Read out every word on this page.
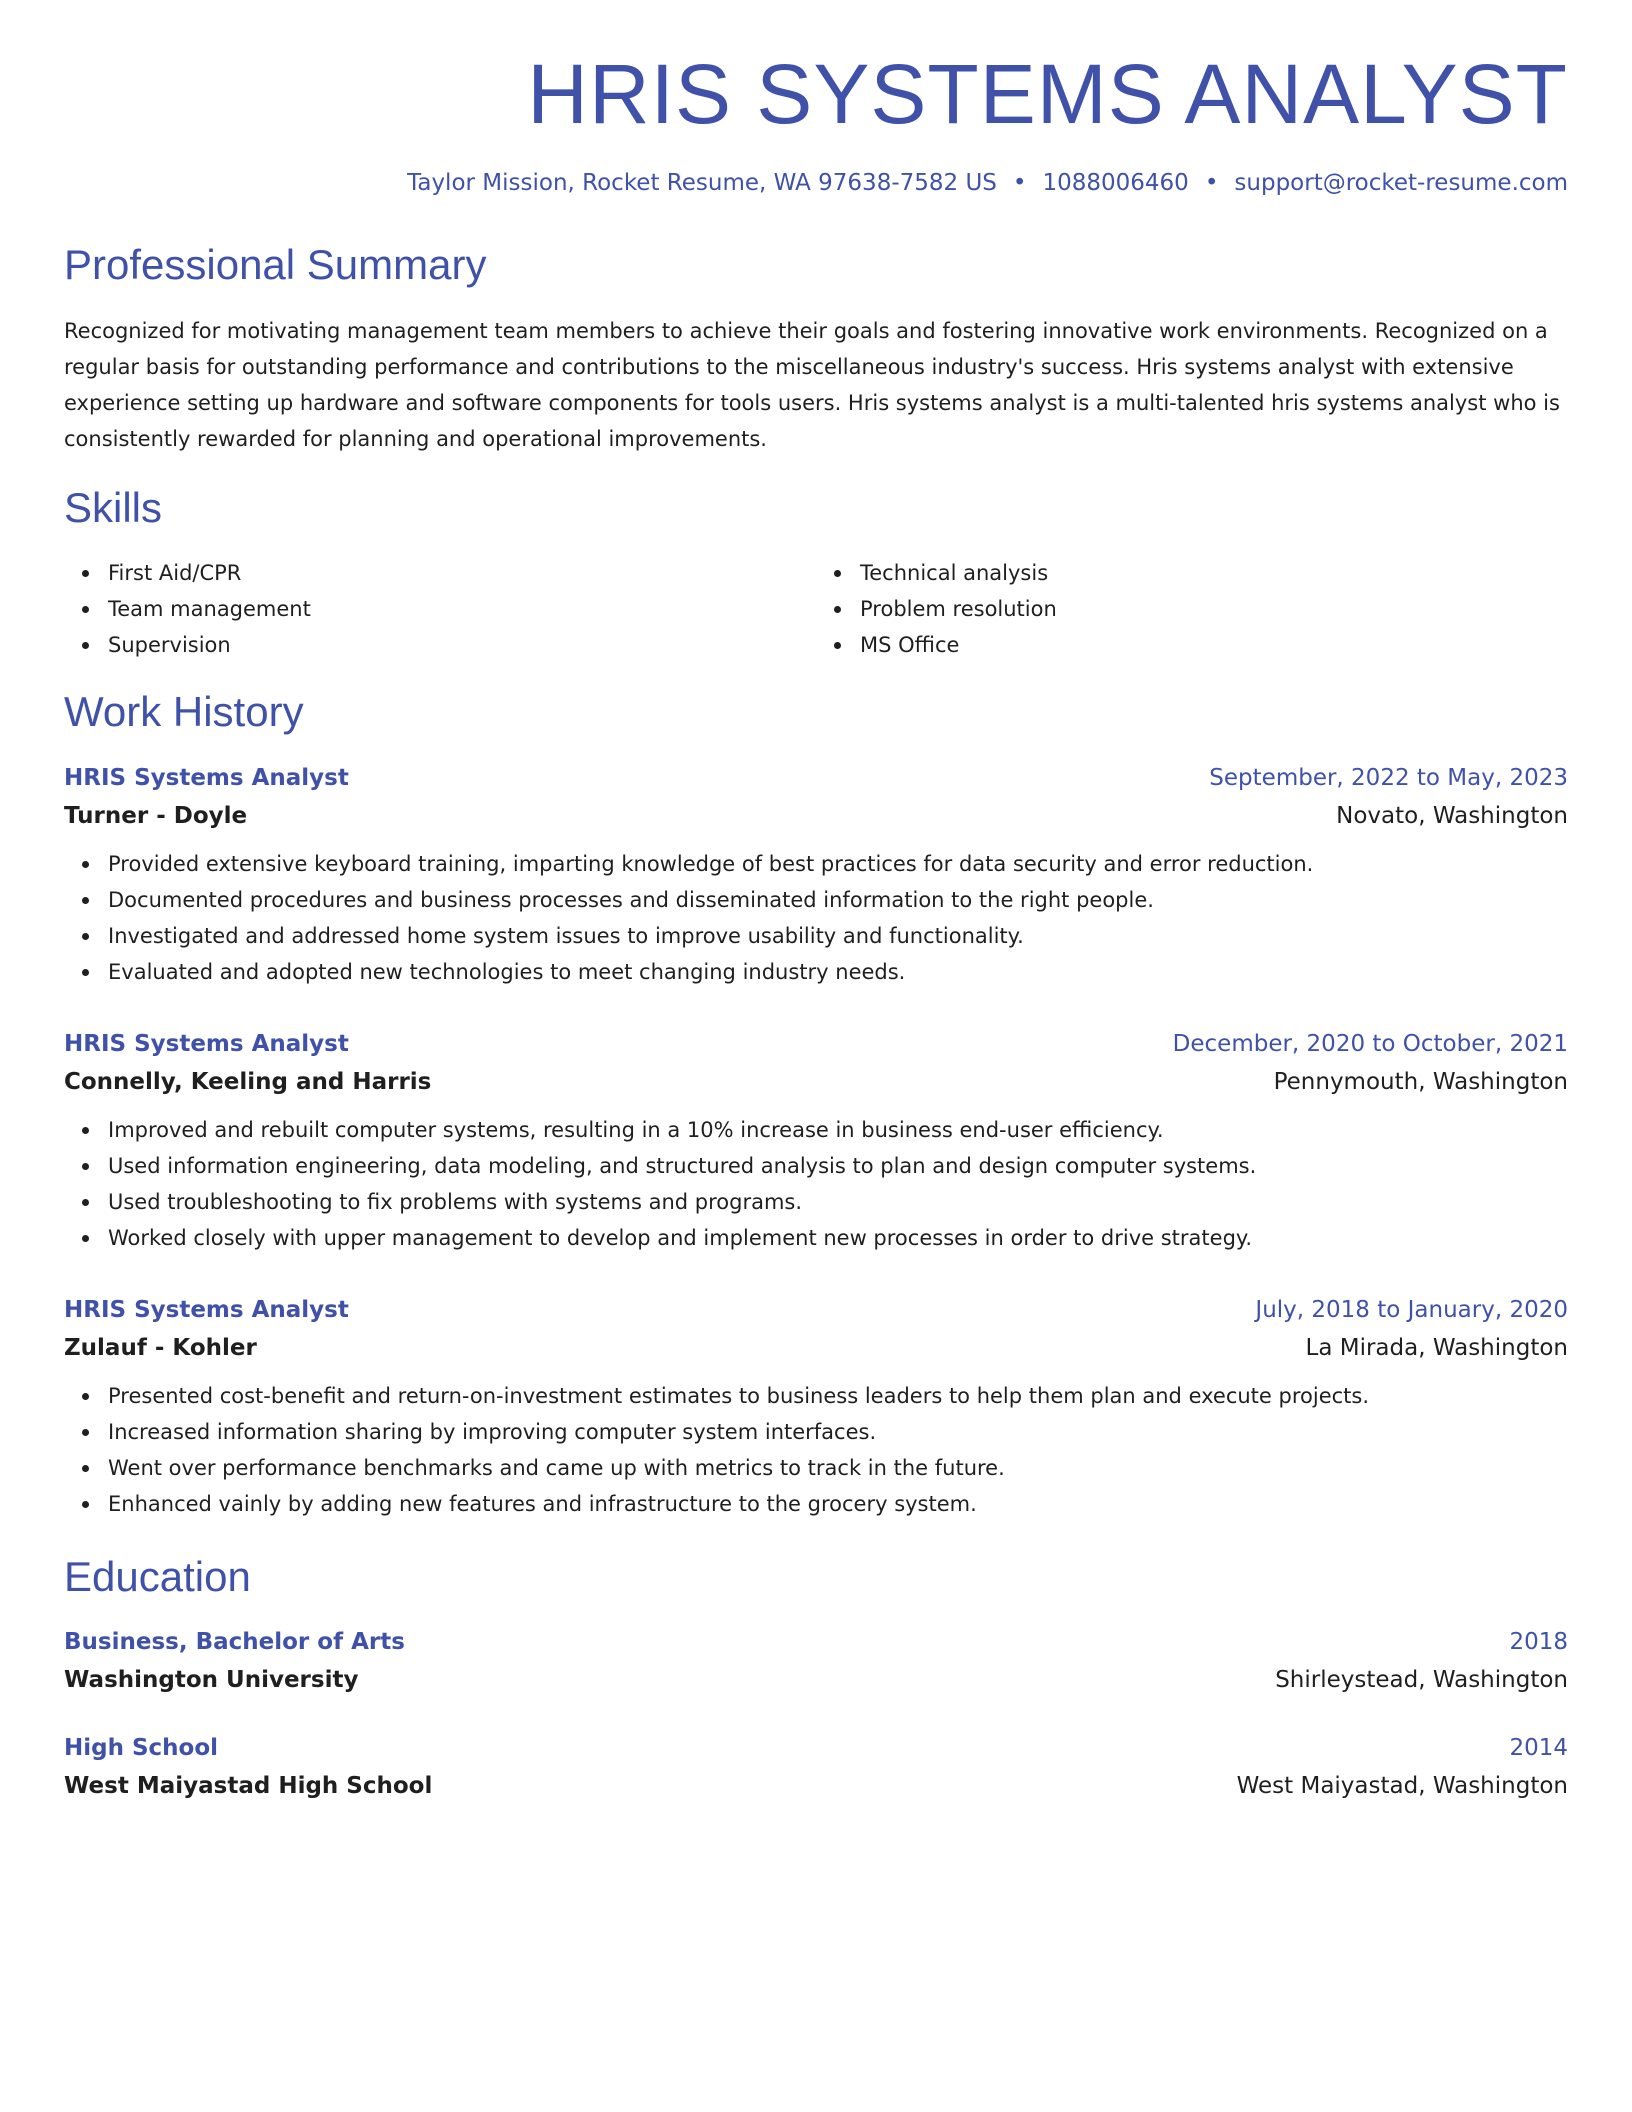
HRIS SYSTEMS ANALYST
Taylor Mission, Rocket Resume, WA 97638-7582 US • 1088006460 • support@rocket-resume.com
Professional Summary

Recognized for motivating management team members to achieve their goals and fostering innovative work environments. Recognized on a regular basis for outstanding performance and contributions to the miscellaneous industry's success. Hris systems analyst with extensive experience setting up hardware and software components for tools users. Hris systems analyst is a multi-talented hris systems analyst who is consistently rewarded for planning and operational improvements.

Skills
First Aid/CPR
Team management
Supervision
Technical analysis
Problem resolution
MS Office
Work History
HRIS Systems Analyst	September, 2022 to May, 2023
Turner - Doyle	Novato, Washington
Provided extensive keyboard training, imparting knowledge of best practices for data security and error reduction.
Documented procedures and business processes and disseminated information to the right people.
Investigated and addressed home system issues to improve usability and functionality.
Evaluated and adopted new technologies to meet changing industry needs.
HRIS Systems Analyst	December, 2020 to October, 2021
Connelly, Keeling and Harris	Pennymouth, Washington
Improved and rebuilt computer systems, resulting in a 10% increase in business end-user efficiency.
Used information engineering, data modeling, and structured analysis to plan and design computer systems.
Used troubleshooting to fix problems with systems and programs.
Worked closely with upper management to develop and implement new processes in order to drive strategy.
HRIS Systems Analyst	July, 2018 to January, 2020
Zulauf - Kohler	La Mirada, Washington
Presented cost-benefit and return-on-investment estimates to business leaders to help them plan and execute projects.
Increased information sharing by improving computer system interfaces.
Went over performance benchmarks and came up with metrics to track in the future.
Enhanced vainly by adding new features and infrastructure to the grocery system.
Education
Business, Bachelor of Arts	2018
Washington University	Shirleystead, Washington
High School	2014
West Maiyastad High School	West Maiyastad, Washington
